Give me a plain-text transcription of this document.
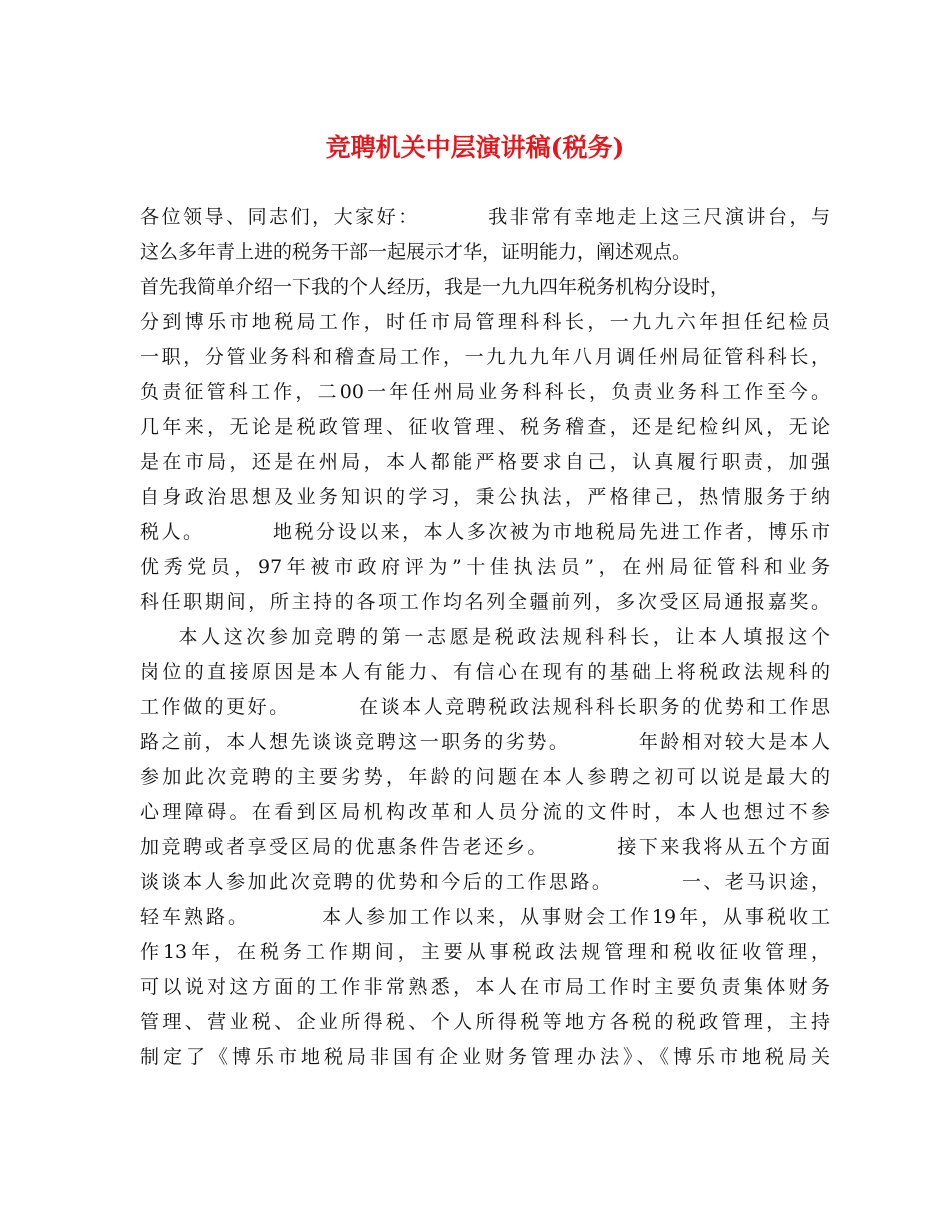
竞聘机关中层演讲稿(税务)
各位领导、同志们，大家好：        我非常有幸地走上这三尺演讲台，与
这么多年青上进的税务干部一起展示才华，证明能力，阐述观点。
首先我简单介绍一下我的个人经历，我是一九九四年税务机构分设时，
分到博乐市地税局工作，时任市局管理科科长，一九九六年担任纪检员
一职，分管业务科和稽查局工作，一九九九年八月调任州局征管科科长，
负责征管科工作，二00一年任州局业务科科长，负责业务科工作至今。
几年来，无论是税政管理、征收管理、税务稽查，还是纪检纠风，无论
是在市局，还是在州局，本人都能严格要求自己，认真履行职责，加强
自身政治思想及业务知识的学习，秉公执法，严格律己，热情服务于纳
税人。        地税分设以来，本人多次被为市地税局先进工作者，博乐市
优秀党员，97年被市政府评为”十佳执法员”，在州局征管科和业务
科任职期间，所主持的各项工作均名列全疆前列，多次受区局通报嘉奖。
本人这次参加竞聘的第一志愿是税政法规科科长，让本人填报这个
岗位的直接原因是本人有能力、有信心在现有的基础上将税政法规科的
工作做的更好。        在谈本人竞聘税政法规科科长职务的优势和工作思
路之前，本人想先谈谈竞聘这一职务的劣势。        年龄相对较大是本人
参加此次竞聘的主要劣势，年龄的问题在本人参聘之初可以说是最大的
心理障碍。在看到区局机构改革和人员分流的文件时，本人也想过不参
加竞聘或者享受区局的优惠条件告老还乡。        接下来我将从五个方面
谈谈本人参加此次竞聘的优势和今后的工作思路。        一、老马识途，
轻车熟路。        本人参加工作以来，从事财会工作19年，从事税收工
作13年，在税务工作期间，主要从事税政法规管理和税收征收管理，
可以说对这方面的工作非常熟悉，本人在市局工作时主要负责集体财务
管理、营业税、企业所得税、个人所得税等地方各税的税政管理，主持
制定了《博乐市地税局非国有企业财务管理办法》、《博乐市地税局关
